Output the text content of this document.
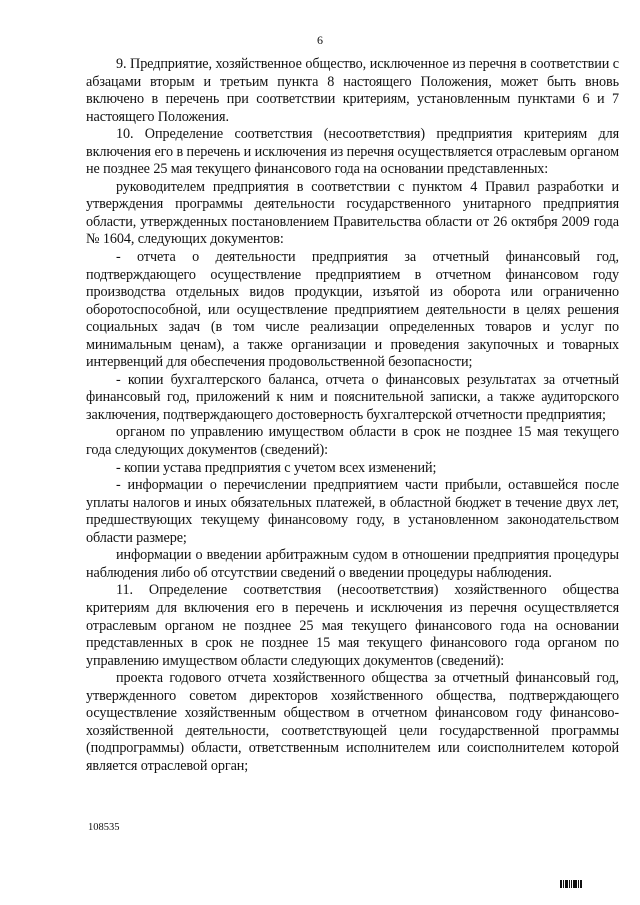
6

9. Предприятие, хозяйственное общество, исключенное из перечня в соответствии с абзацами вторым и третьим пункта 8 настоящего Положения, может быть вновь включено в перечень при соответствии критериям, установленным пунктами 6 и 7 настоящего Положения.

10. Определение соответствия (несоответствия) предприятия критериям для включения его в перечень и исключения из перечня осуществляется отраслевым органом не позднее 25 мая текущего финансового года на основании представленных:

руководителем предприятия в соответствии с пунктом 4 Правил разработки и утверждения программы деятельности государственного унитарного предприятия области, утвержденных постановлением Правительства области от 26 октября 2009 года № 1604, следующих документов:

- отчета о деятельности предприятия за отчетный финансовый год, подтверждающего осуществление предприятием в отчетном финансовом году производства отдельных видов продукции, изъятой из оборота или ограниченно оборотоспособной, или осуществление предприятием деятельности в целях решения социальных задач (в том числе реализации определенных товаров и услуг по минимальным ценам), а также организации и проведения закупочных и товарных интервенций для обеспечения продовольственной безопасности;

- копии бухгалтерского баланса, отчета о финансовых результатах за отчетный финансовый год, приложений к ним и пояснительной записки, а также аудиторского заключения, подтверждающего достоверность бухгалтерской отчетности предприятия;

органом по управлению имуществом области в срок не позднее 15 мая текущего года следующих документов (сведений):

- копии устава предприятия с учетом всех изменений;

- информации о перечислении предприятием части прибыли, оставшейся после уплаты налогов и иных обязательных платежей, в областной бюджет в течение двух лет, предшествующих текущему финансовому году, в установленном законодательством области размере;

информации о введении арбитражным судом в отношении предприятия процедуры наблюдения либо об отсутствии сведений о введении процедуры наблюдения.

11. Определение соответствия (несоответствия) хозяйственного общества критериям для включения его в перечень и исключения из перечня осуществляется отраслевым органом не позднее 25 мая текущего финансового года на основании представленных в срок не позднее 15 мая текущего финансового года органом по управлению имуществом области следующих документов (сведений):

проекта годового отчета хозяйственного общества за отчетный финансовый год, утвержденного советом директоров хозяйственного общества, подтверждающего осуществление хозяйственным обществом в отчетном финансовом году финансово-хозяйственной деятельности, соответствующей цели государственной программы (подпрограммы) области, ответственным исполнителем или соисполнителем которой является отраслевой орган;

108535
